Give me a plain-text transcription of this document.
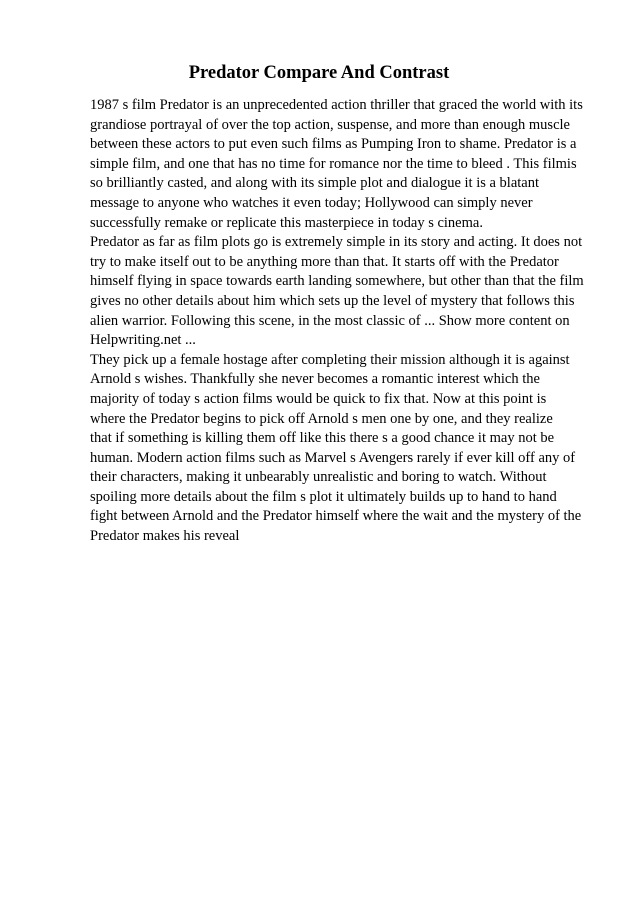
Predator Compare And Contrast

1987 s film Predator is an unprecedented action thriller that graced the world with its
grandiose portrayal of over the top action, suspense, and more than enough muscle
between these actors to put even such films as Pumping Iron to shame. Predator is a
simple film, and one that has no time for romance nor the time to bleed . This filmis
so brilliantly casted, and along with its simple plot and dialogue it is a blatant
message to anyone who watches it even today; Hollywood can simply never
successfully remake or replicate this masterpiece in today s cinema.

Predator as far as film plots go is extremely simple in its story and acting. It does not
try to make itself out to be anything more than that. It starts off with the Predator
himself flying in space towards earth landing somewhere, but other than that the film
gives no other details about him which sets up the level of mystery that follows this
alien warrior. Following this scene, in the most classic of ... Show more content on
Helpwriting.net ...

They pick up a female hostage after completing their mission although it is against
Arnold s wishes. Thankfully she never becomes a romantic interest which the
majority of today s action films would be quick to fix that. Now at this point is
where the Predator begins to pick off Arnold s men one by one, and they realize
that if something is killing them off like this there s a good chance it may not be
human. Modern action films such as Marvel s Avengers rarely if ever kill off any of
their characters, making it unbearably unrealistic and boring to watch. Without
spoiling more details about the film s plot it ultimately builds up to hand to hand
fight between Arnold and the Predator himself where the wait and the mystery of the
Predator makes his reveal
